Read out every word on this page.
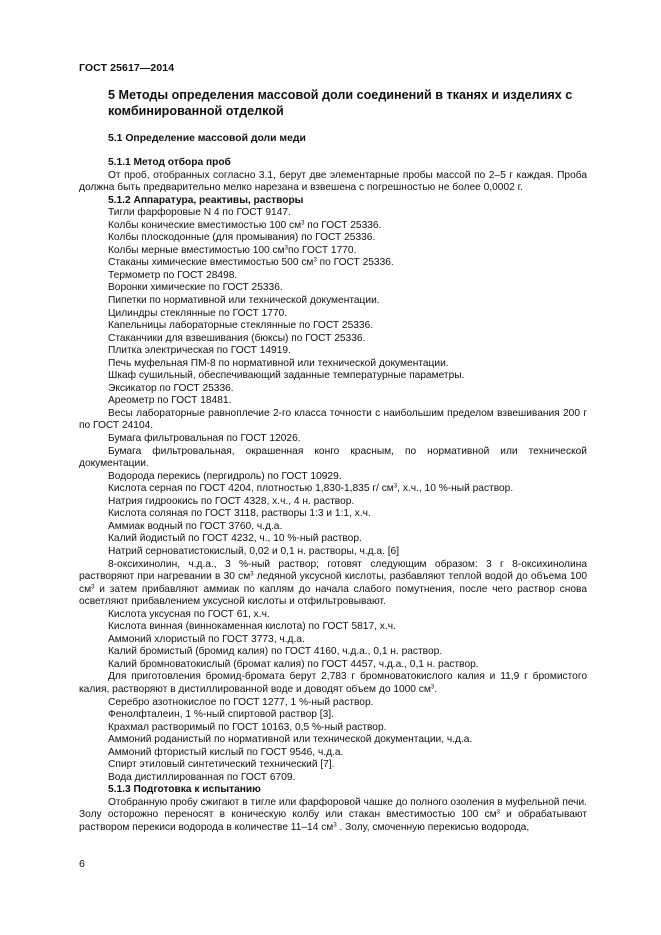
ГОСТ 25617—2014
5 Методы определения массовой доли соединений в тканях и изделиях с комбинированной отделкой
5.1 Определение массовой доли меди

5.1.1 Метод отбора проб

От проб, отобранных согласно 3.1, берут две элементарные пробы массой по 2–5 г каждая. Проба должна быть предварительно мелко нарезана и взвешена с погрешностью не более 0,0002 г.

5.1.2 Аппаратура, реактивы, растворы

Тигли фарфоровые N 4 по ГОСТ 9147.

Колбы конические вместимостью 100 $см^3$ по ГОСТ 25336.

Колбы плоскодонные (для промывания) по ГОСТ 25336.

Колбы мерные вместимостью 100 $см^3по$ ГОСТ 1770.

Стаканы химические вместимостью 500 $см^3$ по ГОСТ 25336.

Термометр по ГОСТ 28498.

Воронки химические по ГОСТ 25336.

Пипетки по нормативной или технической документации.

Цилиндры стеклянные по ГОСТ 1770.

Капельницы лабораторные стеклянные по ГОСТ 25336.

Стаканчики для взвешивания (бюксы) по ГОСТ 25336.

Плитка электрическая по ГОСТ 14919.

Печь муфельная ПМ-8 по нормативной или технической документации.

Шкаф сушильный, обеспечивающий заданные температурные параметры.

Эксикатор по ГОСТ 25336.

Ареометр по ГОСТ 18481.

Весы лабораторные равноплечие 2-го класса точности с наибольшим пределом взвешивания 200 г по ГОСТ 24104.

Бумага фильтровальная по ГОСТ 12026.

Бумага фильтровальная, окрашенная конго красным, по нормативной или технической документации.

Водорода перекись (пергидроль) по ГОСТ 10929.

Кислота серная по ГОСТ 4204, плотностью 1,830-1,835 г/ $см^3$, х.ч., 10 %-ный раствор.

Натрия гидроокись по ГОСТ 4328, х.ч., 4 н. раствор.

Кислота соляная по ГОСТ 3118, растворы 1:3 и 1:1, х.ч.

Аммиак водный по ГОСТ 3760, ч.д.а.

Калий йодистый по ГОСТ 4232, ч., 10 %-ный раствор.

Натрий серноватистокислый, 0,02 и 0,1 н. растворы, ч.д.а. [6]

8-оксихинолин, ч.д.а., 3 %-ный раствор; готовят следующим образом: 3 г 8-оксихинолина растворяют при нагревании в 30 $см^3$ ледяной уксусной кислоты, разбавляют теплой водой до объема 100 $см^3$ и затем прибавляют аммиак по каплям до начала слабого помутнения, после чего раствор снова осветляют прибавлением уксусной кислоты и отфильтровывают.

Кислота уксусная по ГОСТ 61, х.ч.

Кислота винная (виннокаменная кислота) по ГОСТ 5817, х.ч.

Аммоний хлористый по ГОСТ 3773, ч.д.а.

Калий бромистый (бромид калия) по ГОСТ 4160, ч.д.а., 0,1 н. раствор.

Калий бромноватокислый (бромат калия) по ГОСТ 4457, ч.д.а., 0,1 н. раствор.

Для приготовления бромид-бромата берут 2,783 г бромноватокислого калия и 11,9 г бромистого калия, растворяют в дистиллированной воде и доводят объем до 1000 $см^3$.

Серебро азотнокислое по ГОСТ 1277, 1 %-ный раствор.

Фенолфталеин, 1 %-ный спиртовой раствор [3].

Крахмал растворимый по ГОСТ 10163, 0,5 %-ный раствор.

Аммоний роданистый по нормативной или технической документации, ч.д.а.

Аммоний фтористый кислый по ГОСТ 9546, ч.д.а.

Спирт этиловый синтетический технический [7].

Вода дистиллированная по ГОСТ 6709.

5.1.3 Подготовка к испытанию

Отобранную пробу сжигают в тигле или фарфоровой чашке до полного озоления в муфельной печи. Золу осторожно переносят в коническую колбу или стакан вместимостью 100 $см^3$ и обрабатывают раствором перекиси водорода в количестве 11–14 $см^3$ . Золу, смоченную перекисью водорода,

6
